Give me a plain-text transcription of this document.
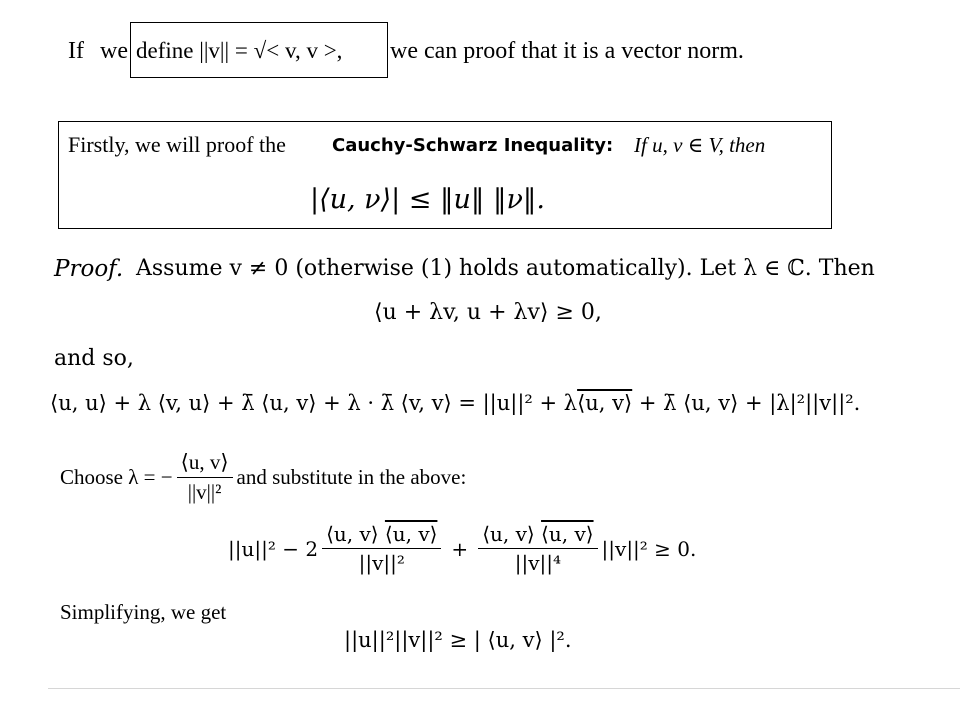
If we define ||v|| = √< v, v >, we can proof that it is a vector norm.
Firstly, we will proof the	Cauchy-Schwarz Inequality: If u, ν ∈ V, then
|⟨u, ν⟩| ≤ ‖u‖ ‖ν‖.
Proof. Assume v ≠ 0 (otherwise (1) holds automatically). Let λ ∈ ℂ. Then
⟨u + λv, u + λv⟩ ≥ 0,
and so,
⟨u, u⟩ + λ ⟨v, u⟩ + λ̄ ⟨u, v⟩ + λ · λ̄ ⟨v, v⟩ = ||u||² + λ⟨u, v⟩ + λ̄ ⟨u, v⟩ + |λ|²||v||².
Choose λ = − $\frac{⟨u, v⟩}{\text{||v||²}}$ and substitute in the above:
$||u||^2 - 2 \frac{⟨u, v⟩ ⟨u, v⟩}{\text{||v||²}} + \frac{⟨u, v⟩ ⟨u, v⟩}{\text{||v||⁴}} ||v||^2 \ge 0$.
Simplifying, we get
||u||²||v||² ≥ | ⟨u, v⟩ |².
